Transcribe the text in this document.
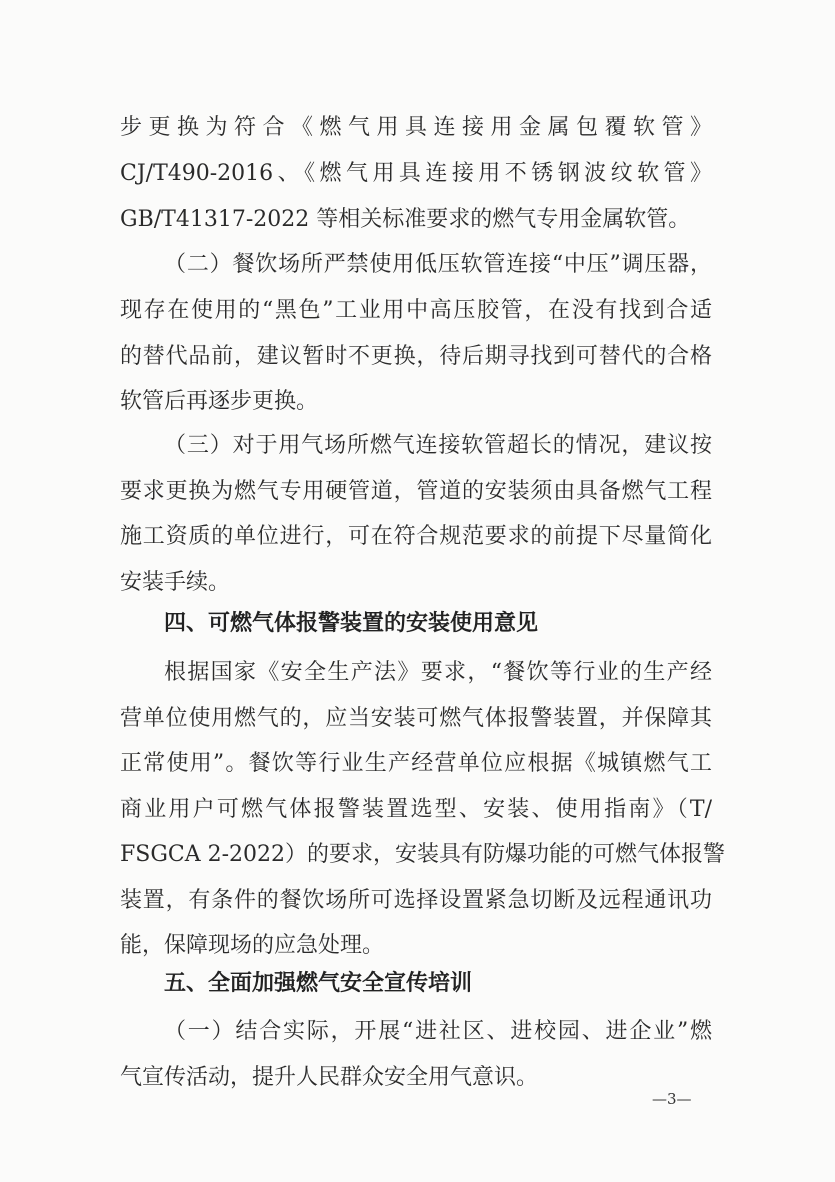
步更换为符合《燃气用具连接用金属包覆软管》
CJ/T490-2016、《燃气用具连接用不锈钢波纹软管》
GB/T41317-2022 等相关标准要求的燃气专用金属软管。
（二）餐饮场所严禁使用低压软管连接“中压”调压器，
现存在使用的“黑色”工业用中高压胶管，在没有找到合适
的替代品前，建议暂时不更换，待后期寻找到可替代的合格
软管后再逐步更换。
（三）对于用气场所燃气连接软管超长的情况，建议按
要求更换为燃气专用硬管道，管道的安装须由具备燃气工程
施工资质的单位进行，可在符合规范要求的前提下尽量简化
安装手续。
四、可燃气体报警装置的安装使用意见
根据国家《安全生产法》要求，“餐饮等行业的生产经
营单位使用燃气的，应当安装可燃气体报警装置，并保障其
正常使用”。餐饮等行业生产经营单位应根据《城镇燃气工
商业用户可燃气体报警装置选型、安装、使用指南》（T/
FSGCA 2-2022）的要求，安装具有防爆功能的可燃气体报警
装置，有条件的餐饮场所可选择设置紧急切断及远程通讯功
能，保障现场的应急处理。
五、全面加强燃气安全宣传培训
（一）结合实际，开展“进社区、进校园、进企业”燃
气宣传活动，提升人民群众安全用气意识。
—3—
